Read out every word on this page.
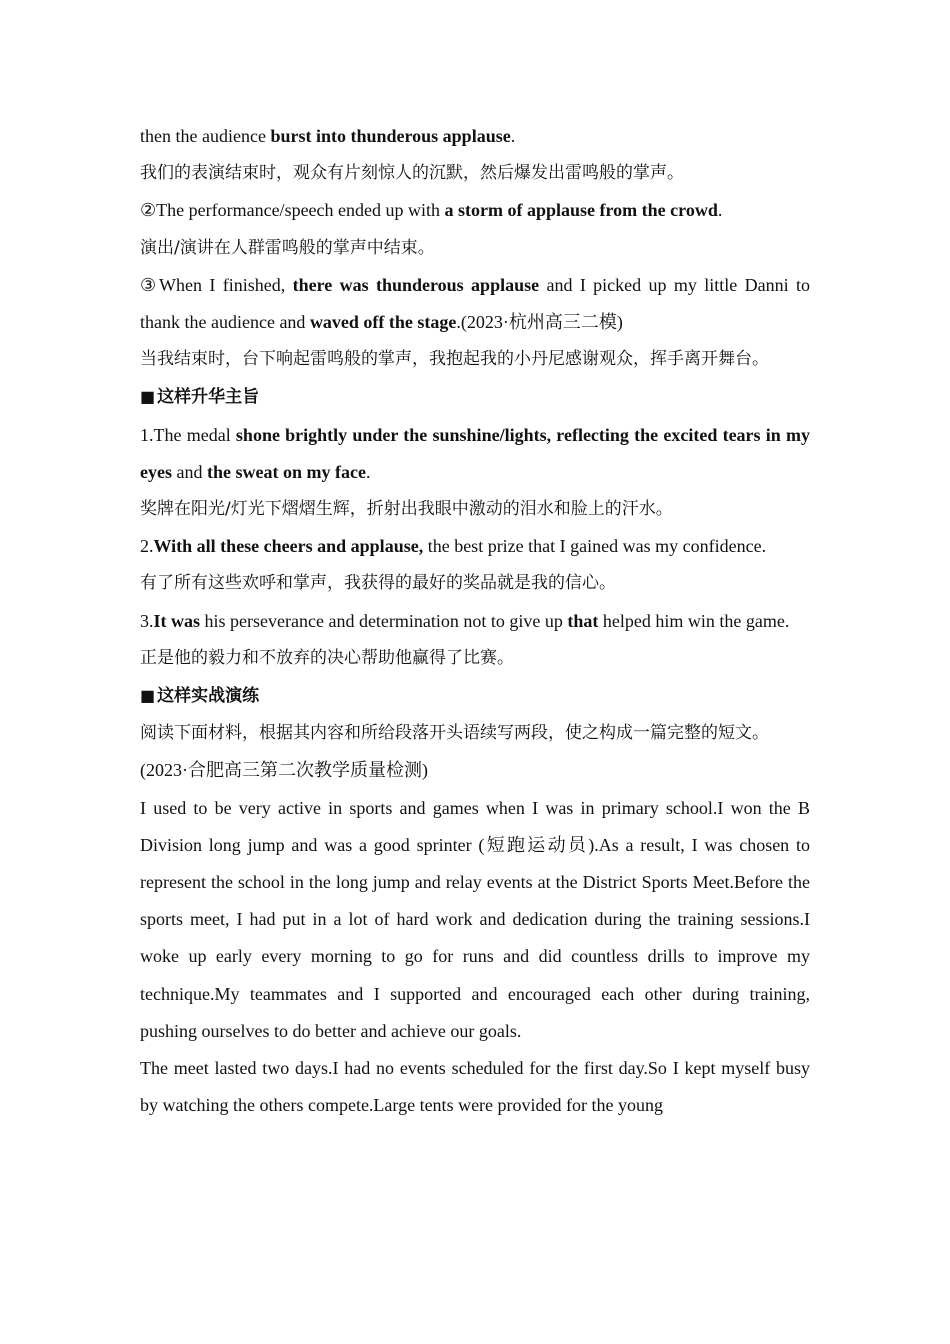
then the audience burst into thunderous applause.

我们的表演结束时，观众有片刻惊人的沉默，然后爆发出雷鸣般的掌声。

②The performance/speech ended up with a storm of applause from the crowd.

演出/演讲在人群雷鸣般的掌声中结束。

③When I finished, there was thunderous applause and I picked up my little Danni to thank the audience and waved off the stage.(2023·杭州高三二模)

当我结束时，台下响起雷鸣般的掌声，我抱起我的小丹尼感谢观众，挥手离开舞台。

■ 这样升华主旨

1.The medal shone brightly under the sunshine/lights, reflecting the excited tears in my eyes and the sweat on my face.

奖牌在阳光/灯光下熠熠生辉，折射出我眼中激动的泪水和脸上的汗水。

2.With all these cheers and applause, the best prize that I gained was my confidence.

有了所有这些欢呼和掌声，我获得的最好的奖品就是我的信心。

3.It was his perseverance and determination not to give up that helped him win the game.

正是他的毅力和不放弃的决心帮助他赢得了比赛。

■ 这样实战演练

阅读下面材料，根据其内容和所给段落开头语续写两段，使之构成一篇完整的短文。

(2023·合肥高三第二次教学质量检测)

I used to be very active in sports and games when I was in primary school.I won the B Division long jump and was a good sprinter (短跑运动员).As a result, I was chosen to represent the school in the long jump and relay events at the District Sports Meet.Before the sports meet, I had put in a lot of hard work and dedication during the training sessions.I woke up early every morning to go for runs and did countless drills to improve my technique.My teammates and I supported and encouraged each other during training, pushing ourselves to do better and achieve our goals.

The meet lasted two days.I had no events scheduled for the first day.So I kept myself busy by watching the others compete.Large tents were provided for the young
